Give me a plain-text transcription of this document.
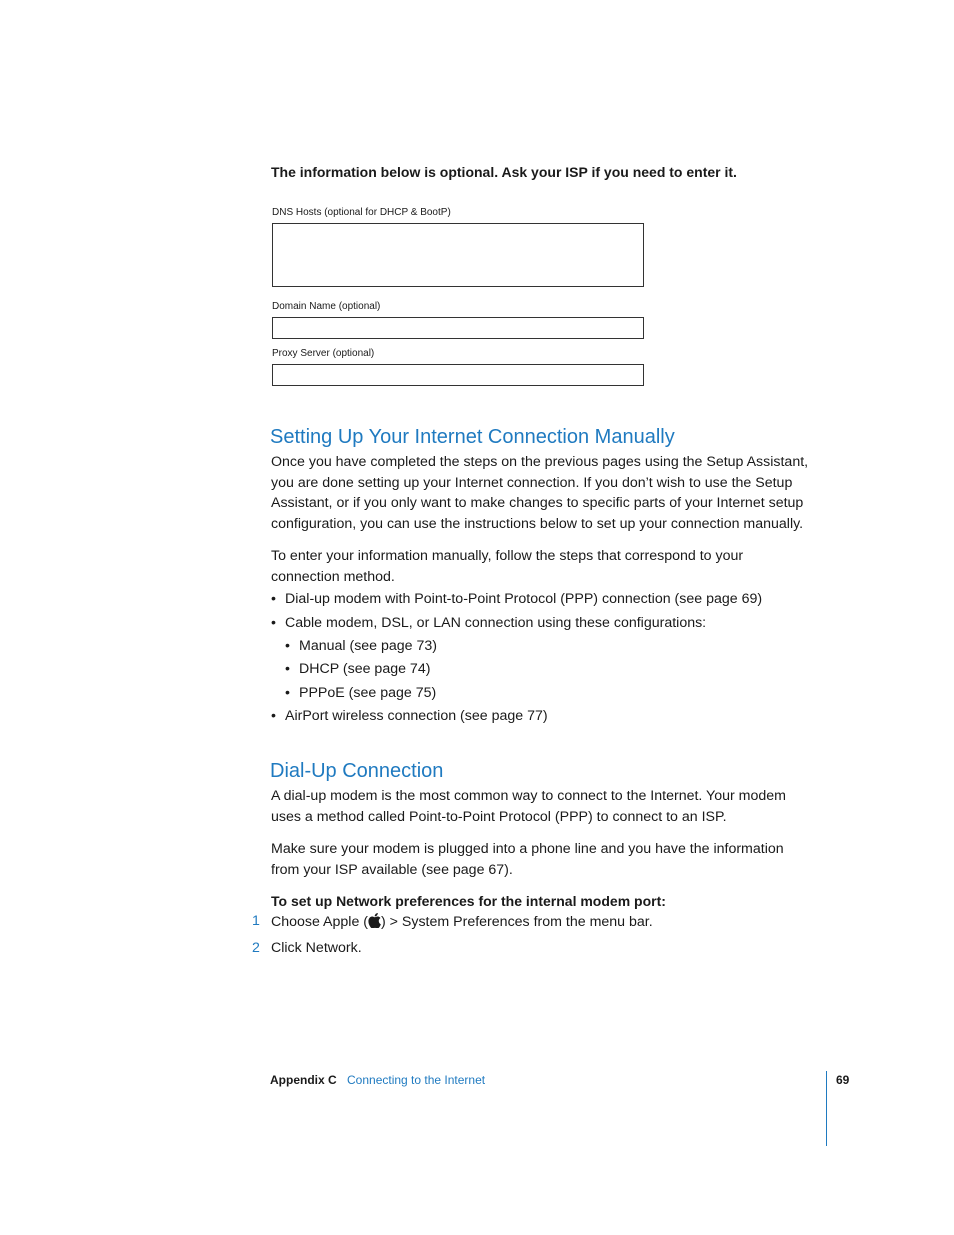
The information below is optional. Ask your ISP if you need to enter it.
DNS Hosts (optional for DHCP & BootP)
Domain Name (optional)
Proxy Server (optional)
Setting Up Your Internet Connection Manually
Once you have completed the steps on the previous pages using the Setup Assistant,
you are done setting up your Internet connection. If you don’t wish to use the Setup
Assistant, or if you only want to make changes to specific parts of your Internet setup
configuration, you can use the instructions below to set up your connection manually.
To enter your information manually, follow the steps that correspond to your
connection method.
• Dial-up modem with Point-to-Point Protocol (PPP) connection (see page 69)
• Cable modem, DSL, or LAN connection using these configurations:
• Manual (see page 73)
• DHCP (see page 74)
• PPPoE (see page 75)
• AirPort wireless connection (see page 77)
Dial-Up Connection
A dial-up modem is the most common way to connect to the Internet. Your modem
uses a method called Point-to-Point Protocol (PPP) to connect to an ISP.
Make sure your modem is plugged into a phone line and you have the information
from your ISP available (see page 67).
To set up Network preferences for the internal modem port:
1 Choose Apple ( ) > System Preferences from the menu bar.
2 Click Network.
Appendix C Connecting to the Internet	69
